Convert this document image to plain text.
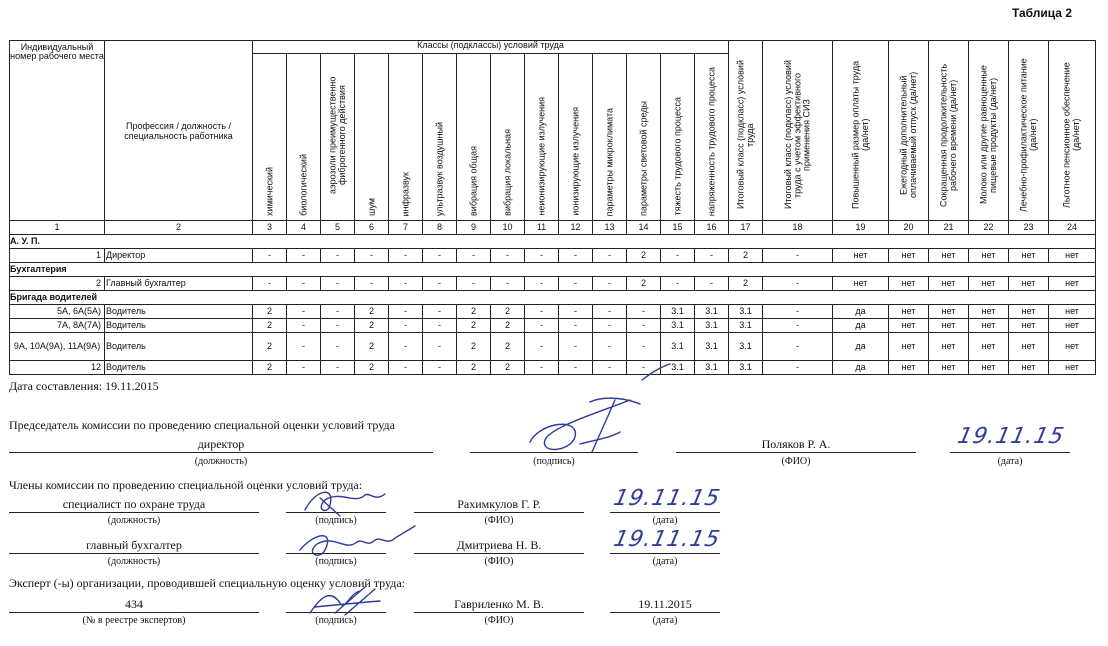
Таблица 2
Индивидуальный номер рабочего места	Профессия / должность / специальность работника	Классы (подклассы) условий труда														Итоговый класс (подкласс) условий труда	Итоговый класс (подкласс) условий труда с учетом эффективного применения СИЗ	Повышенный размер оплаты труда (да/нет)	Ежегодный дополнительный оплачиваемый отпуск (да/нет)	Сокращенная продолжительность рабочего времени (да/нет)	Молоко или другие равноценные пищевые продукты (да/нет)	Лечебно-профилактическое питание (да/нет)	Льготное пенсионное обеспечение (да/нет)

		химический	биологический	аэрозоли преимущественно фиброгенного действия	шум	инфразвук	ультразвук воздушный	вибрация общая	вибрация локальная	неионизирующие излучения	ионизирующие излучения	параметры микроклимата	параметры световой среды	тяжесть трудового процесса	напряженность трудового процесса								

1	2	3	4	5	6	7	8	9	10	11	12	13	14	15	16	17	18	19	20	21	22	23	24
А. У. П.																							
1	Директор	-	-	-	-	-	-	-	-	-	-	-	2	-	-	2	-	нет	нет	нет	нет	нет	нет
Бухгалтерия																							
2	Главный бухгалтер	-	-	-	-	-	-	-	-	-	-	-	2	-	-	2	-	нет	нет	нет	нет	нет	нет
Бригада водителей																							
5А, 6А(5А)	Водитель	2	-	-	2	-	-	2	2	-	-	-	-	3.1	3.1	3.1	-	да	нет	нет	нет	нет	нет
7А, 8А(7А)	Водитель	2	-	-	2	-	-	2	2	-	-	-	-	3.1	3.1	3.1	-	да	нет	нет	нет	нет	нет
9А, 10А(9А), 11А(9А)	Водитель	2	-	-	2	-	-	2	2	-	-	-	-	3.1	3.1	3.1	-	да	нет	нет	нет	нет	нет
12	Водитель	2	-	-	2	-	-	2	2	-	-	-	-	3.1	3.1	3.1	-	да	нет	нет	нет	нет	нет
Дата составления: 19.11.2015
Председатель комиссии по проведению специальной оценки условий труда
директор
(должность)	(подпись)
Поляков Р. А.
(ФИО)
19.11.15
(дата)
Члены комиссии по проведению специальной оценки условий труда:
специалист по охране труда
(должность)	(подпись)
Рахимкулов Г. Р.
(ФИО)
19.11.15
(дата)
главный бухгалтер
(должность)	(подпись)
Дмитриева Н. В.
(ФИО)
19.11.15
(дата)
Эксперт (-ы) организации, проводившей специальную оценку условий труда:
434
(№ в реестре экспертов)	(подпись)
Гавриленко М. В.
(ФИО)
19.11.2015
(дата)
